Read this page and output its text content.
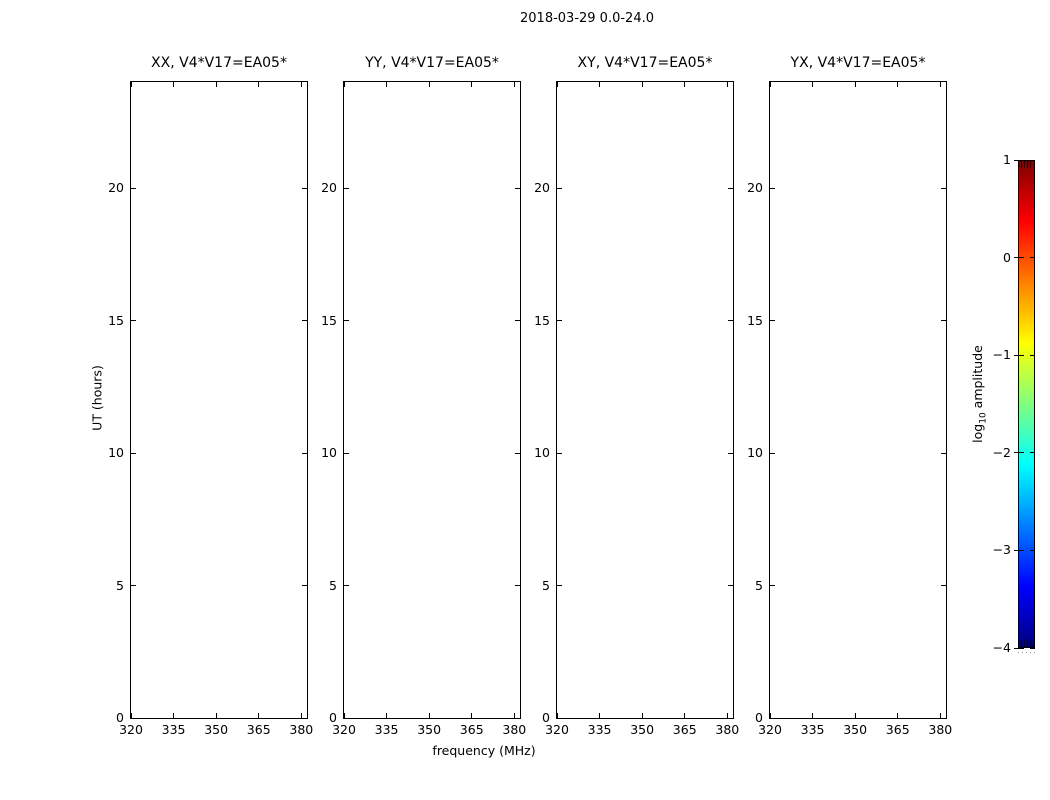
2018-03-29 0.0-24.0
UT (hours)
frequency (MHz)
XX, V4*V17=EA05*
320 335 350 365 380
0
5
10
15
20
YY, V4*V17=EA05*
320 335 350 365 380
0
5
10
15
20
XY, V4*V17=EA05*
320 335 350 365 380
0
5
10
15
20
YX, V4*V17=EA05*
320 335 350 365 380
0
5
10
15
20
1
0
−1
−2
−3
−4
$\log_{10}$ amplitude
